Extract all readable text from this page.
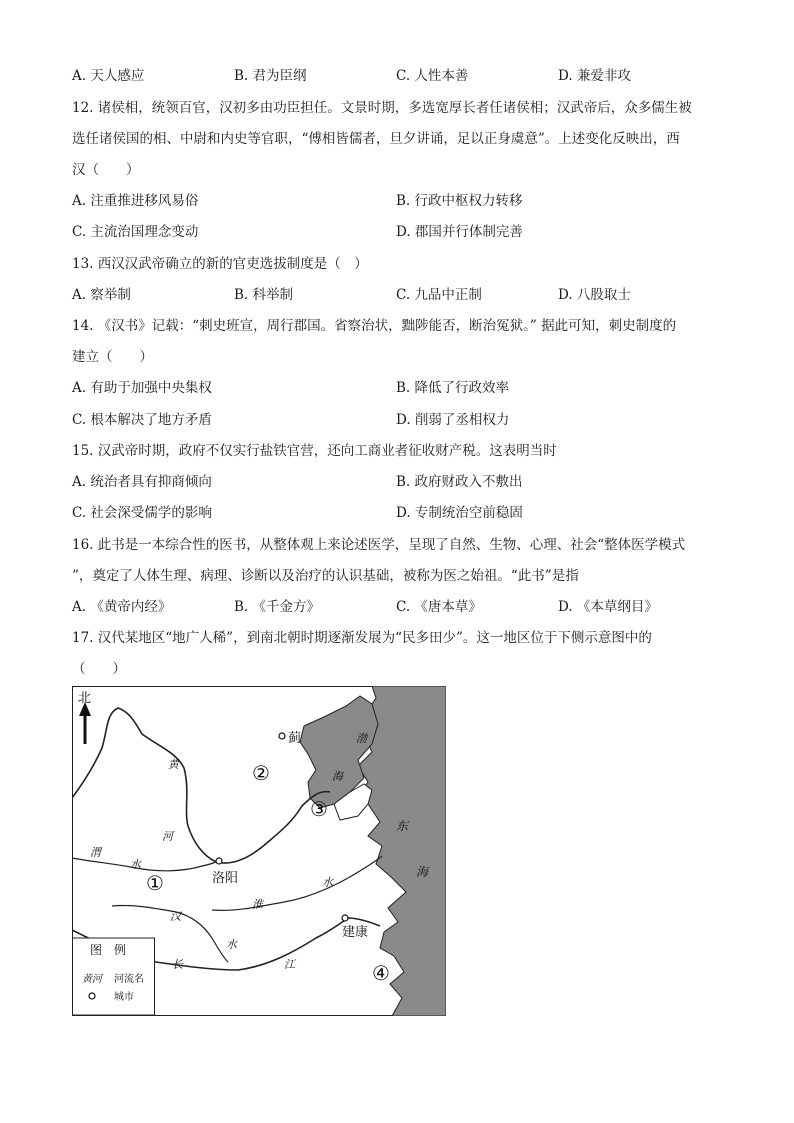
A. 天人感应	B. 君为臣纲	C. 人性本善	D. 兼爱非攻
12. 诸侯相，统领百官，汉初多由功臣担任。文景时期，多选宽厚长者任诸侯相；汉武帝后，众多儒生被
选任诸侯国的相、中尉和内史等官职，“傅相皆儒者，旦夕讲诵，足以正身虞意”。上述变化反映出，西
汉（　　）
A. 注重推进移风易俗	B. 行政中枢权力转移
C. 主流治国理念变动	D. 郡国并行体制完善
13. 西汉汉武帝确立的新的官吏选拔制度是（　）
A. 察举制	B. 科举制	C. 九品中正制	D. 八股取士
14. 《汉书》记载：“刺史班宣，周行郡国。省察治状，黜陟能否，断治冤狱。” 据此可知，刺史制度的
建立（　　）
A. 有助于加强中央集权	B. 降低了行政效率
C. 根本解决了地方矛盾	D. 削弱了丞相权力
15. 汉武帝时期，政府不仅实行盐铁官营，还向工商业者征收财产税。这表明当时
A. 统治者具有抑商倾向	B. 政府财政入不敷出
C. 社会深受儒学的影响	D. 专制统治空前稳固
16. 此书是一本综合性的医书，从整体观上来论述医学，呈现了自然、生物、心理、社会“整体医学模式
”，奠定了人体生理、病理、诊断以及治疗的认识基础，被称为医之始祖。“此书”是指
A. 《黄帝内经》	B. 《千金方》	C. 《唐本草》	D. 《本草纲目》
17. 汉代某地区“地广人稀”，到南北朝时期逐渐发展为“民多田少”。这一地区位于下侧示意图中的
（　　）
北
蓟
洛阳
建康
①
②
③
④
渤
海
东
海
黄
河
渭
水
淮
水
汉
水
长	江
图　例
黄河 河流名
城市
